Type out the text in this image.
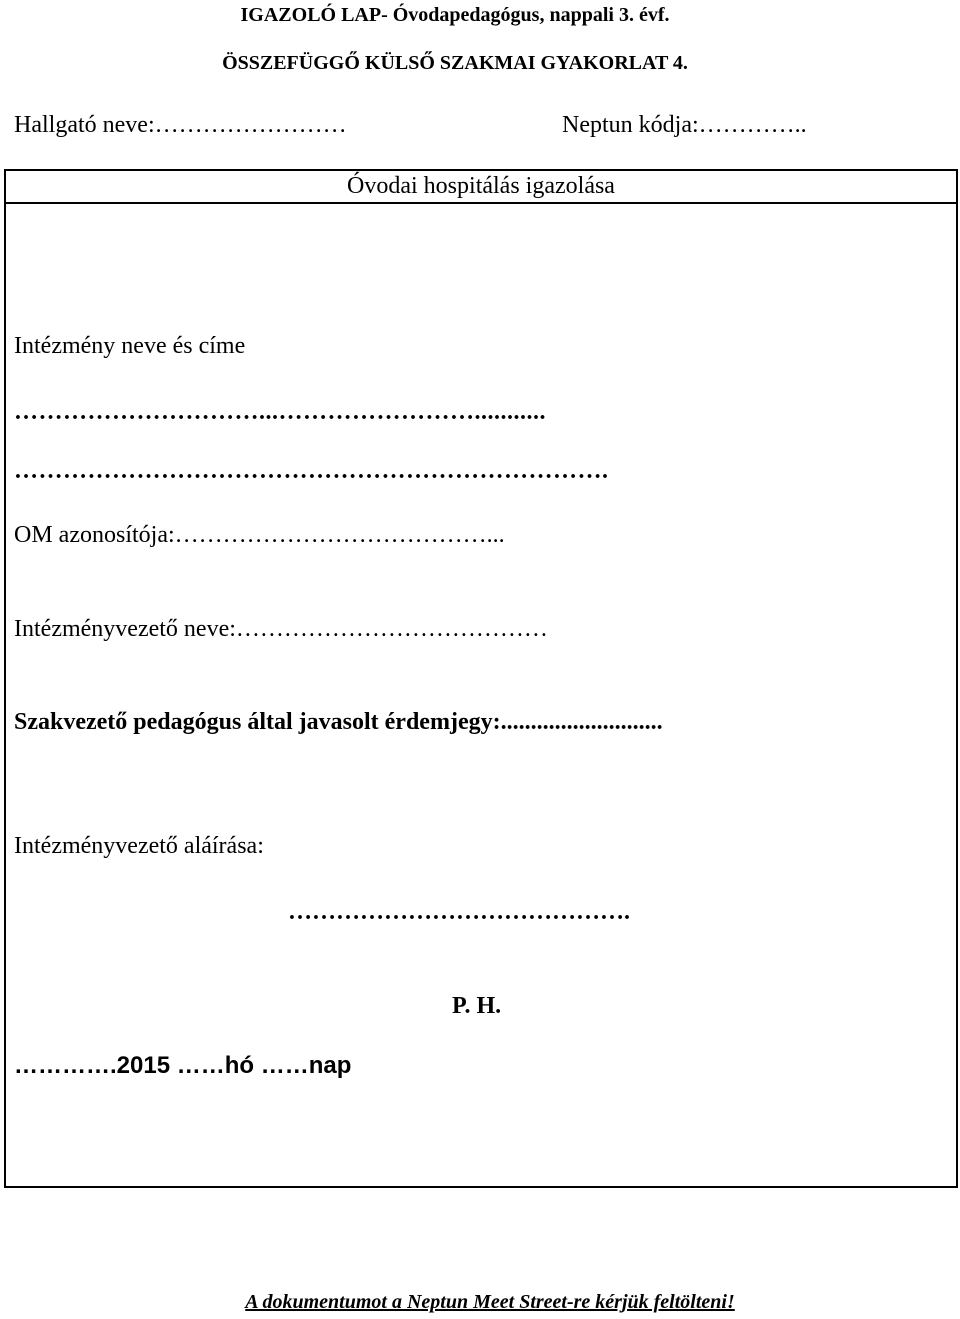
IGAZOLÓ LAP- Óvodapedagógus, nappali 3. évf.
ÖSSZEFÜGGŐ KÜLSŐ SZAKMAI GYAKORLAT 4.
Hallgató neve:……………………	Neptun kódja:…………..
Óvodai hospitálás igazolása
Intézmény neve és címe
…………………………...……………………...........
……………………………………………………………….
OM azonosítója:…………………………………...
Intézményvezető neve:…………………………………
Szakvezető pedagógus által javasolt érdemjegy:...........................
Intézményvezető aláírása:
…………………………………….
P. H.
………….2015 ……hó ……nap
A dokumentumot a Neptun Meet Street-re kérjük feltölteni!
